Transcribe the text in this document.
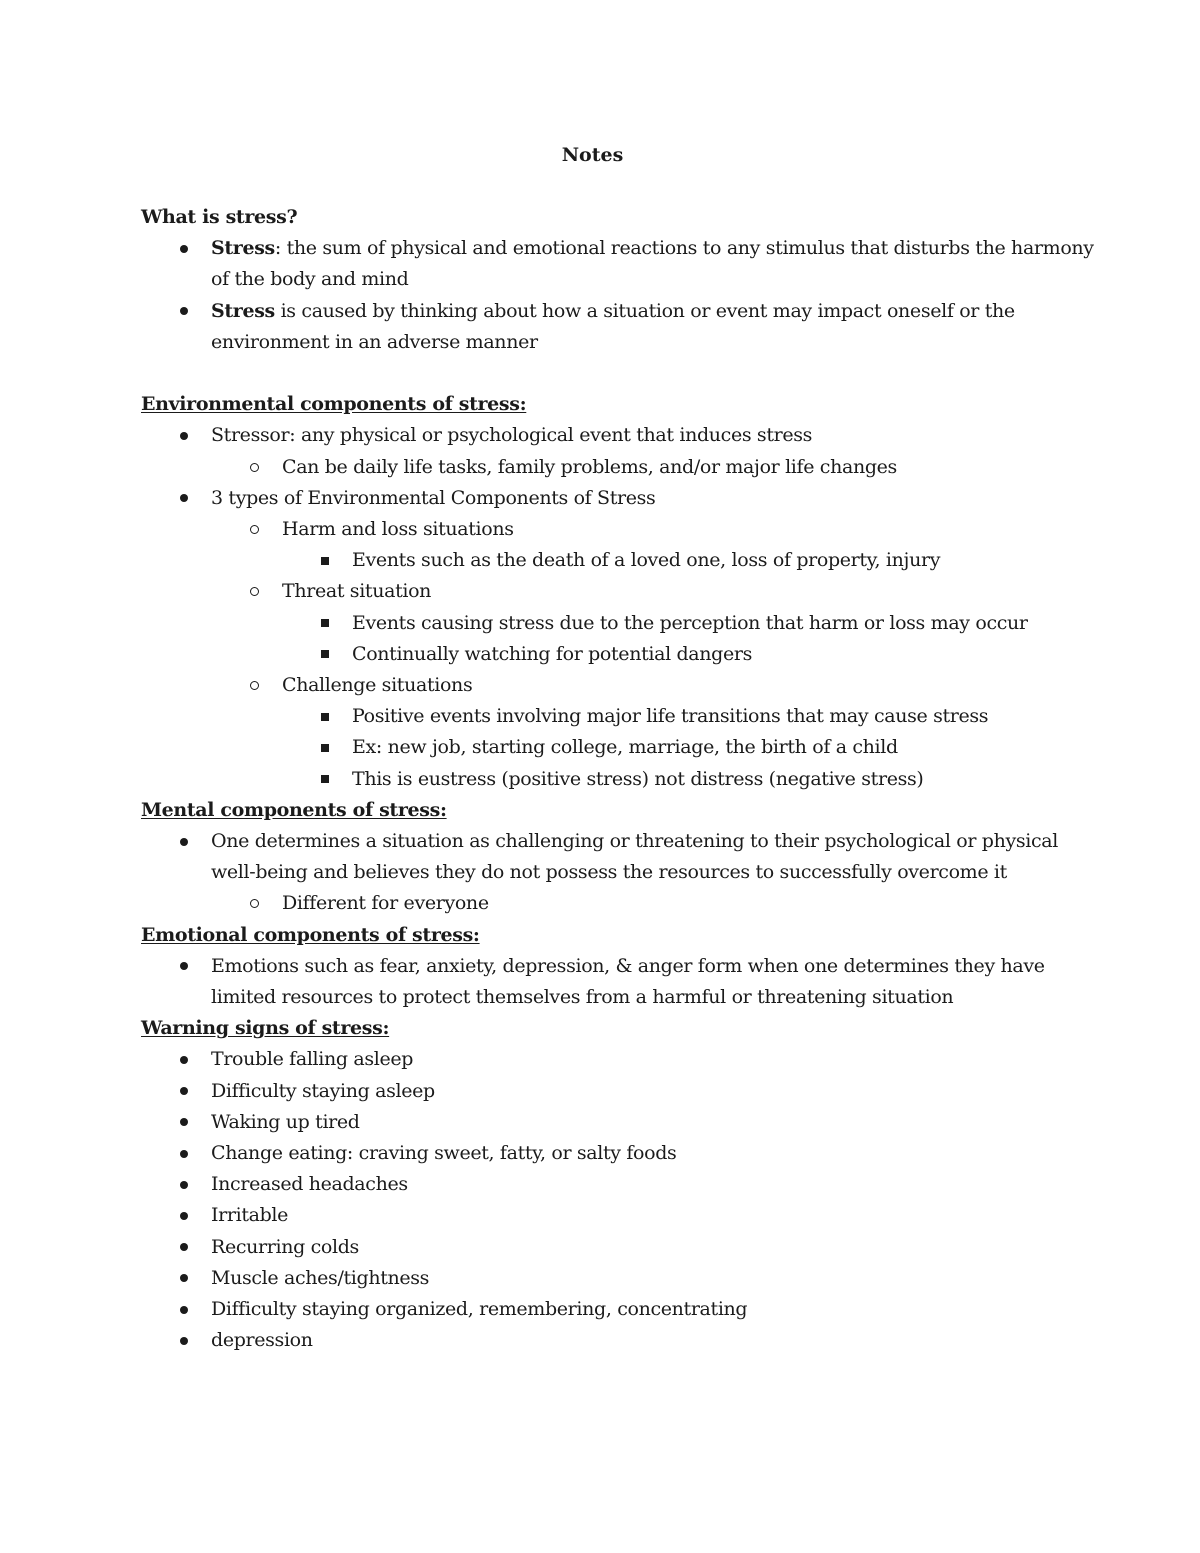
Notes
What is stress?
Stress: the sum of physical and emotional reactions to any stimulus that disturbs the harmony of the body and mind
Stress is caused by thinking about how a situation or event may impact oneself or the environment in an adverse manner
Environmental components of stress:
Stressor: any physical or psychological event that induces stress
Can be daily life tasks, family problems, and/or major life changes
3 types of Environmental Components of Stress
Harm and loss situations
Events such as the death of a loved one, loss of property, injury
Threat situation
Events causing stress due to the perception that harm or loss may occur
Continually watching for potential dangers
Challenge situations
Positive events involving major life transitions that may cause stress
Ex: new job, starting college, marriage, the birth of a child
This is eustress (positive stress) not distress (negative stress)
Mental components of stress:
One determines a situation as challenging or threatening to their psychological or physical well-being and believes they do not possess the resources to successfully overcome it
Different for everyone
Emotional components of stress:
Emotions such as fear, anxiety, depression, & anger form when one determines they have limited resources to protect themselves from a harmful or threatening situation
Warning signs of stress:
Trouble falling asleep
Difficulty staying asleep
Waking up tired
Change eating: craving sweet, fatty, or salty foods
Increased headaches
Irritable
Recurring colds
Muscle aches/tightness
Difficulty staying organized, remembering, concentrating
depression
